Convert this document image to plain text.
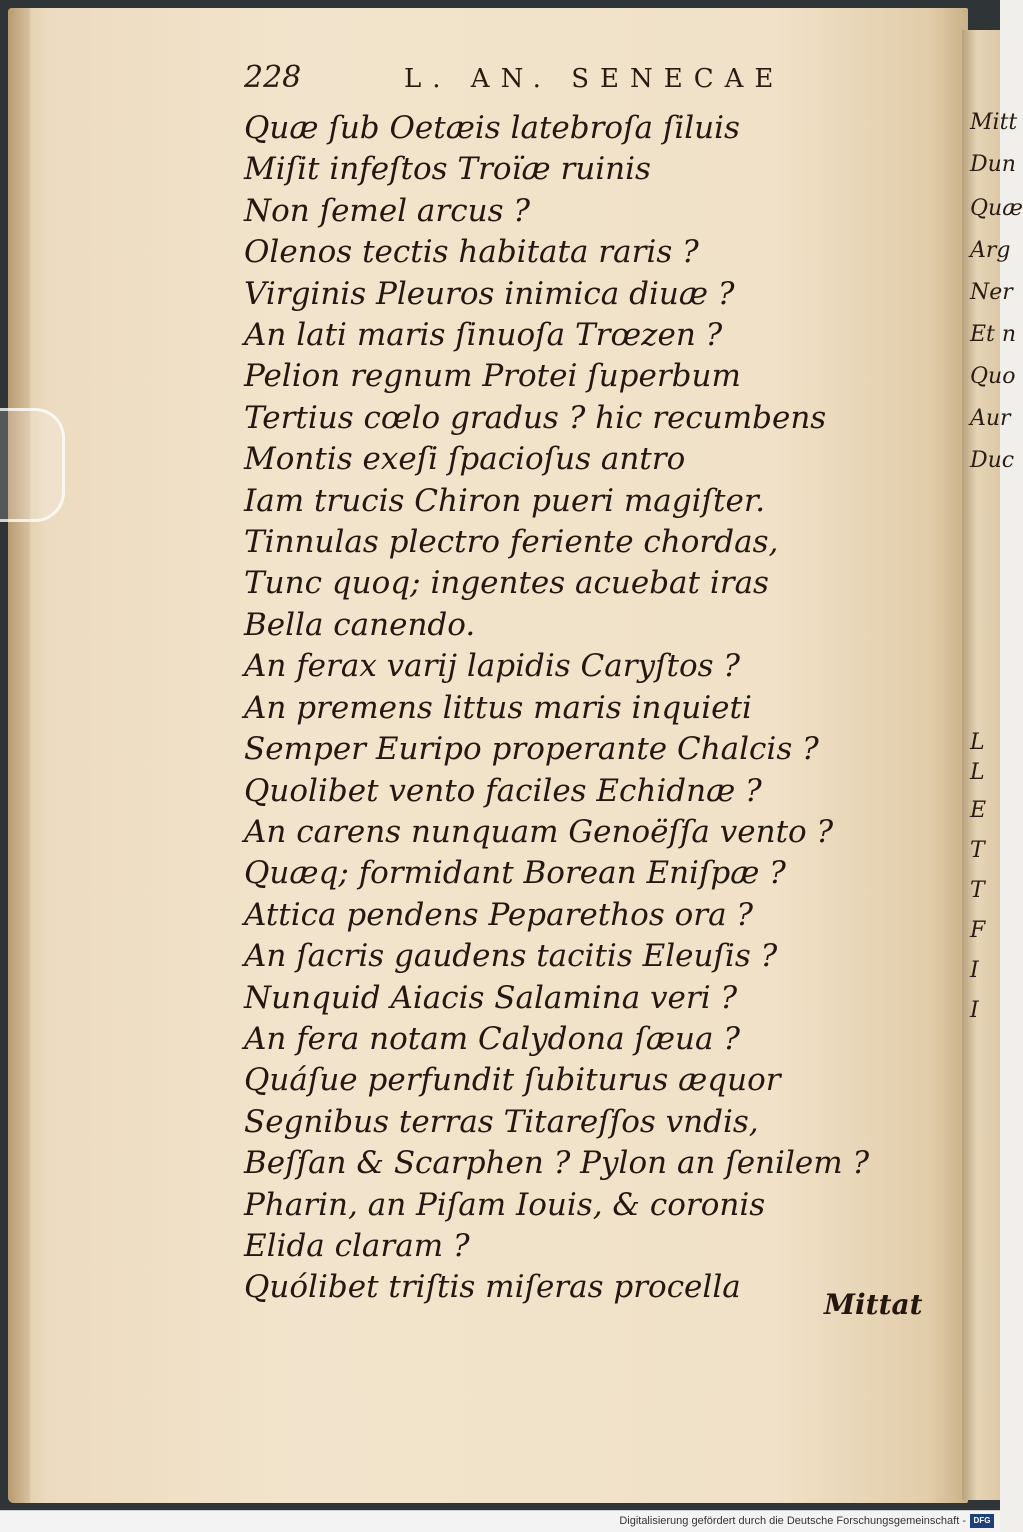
Mitt
Dun
Quæ
Arg
Ner
Et n
Quo
Aur
Duc
L
L
E
T
T
F
I
I
228	L. AN. SENECAE
Quæ ſub Oetæis latebroſa ſiluis
Miſit infeſtos Troïæ ruinis
Non ſemel arcus ?
Olenos tectis habitata raris ?
Virginis Pleuros inimica diuæ ?
An lati maris ſinuoſa Trœzen ?
Pelion regnum Protei ſuperbum
Tertius cœlo gradus ? hic recumbens
Montis exeſi ſpacioſus antro
Iam trucis Chiron pueri magiſter.
Tinnulas plectro feriente chordas,
Tunc quoq; ingentes acuebat iras
Bella canendo.
An ferax varij lapidis Caryſtos ?
An premens littus maris inquieti
Semper Euripo properante Chalcis ?
Quolibet vento faciles Echidnæ ?
An carens nunquam Genoëſſa vento ?
Quæq; formidant Borean Eniſpæ ?
Attica pendens Peparethos ora ?
An ſacris gaudens tacitis Eleuſis ?
Nunquid Aiacis Salamina veri ?
An fera notam Calydona ſæua ?
Quáſue perfundit ſubiturus æquor
Segnibus terras Titareſſos vndis,
Beſſan & Scarphen ? Pylon an ſenilem ?
Pharin, an Piſam Iouis, & coronis
Elida claram ?
Quólibet triſtis miſeras procella	Mittat
Digitalisierung gefördert durch die Deutsche Forschungsgemeinschaft - DFG
